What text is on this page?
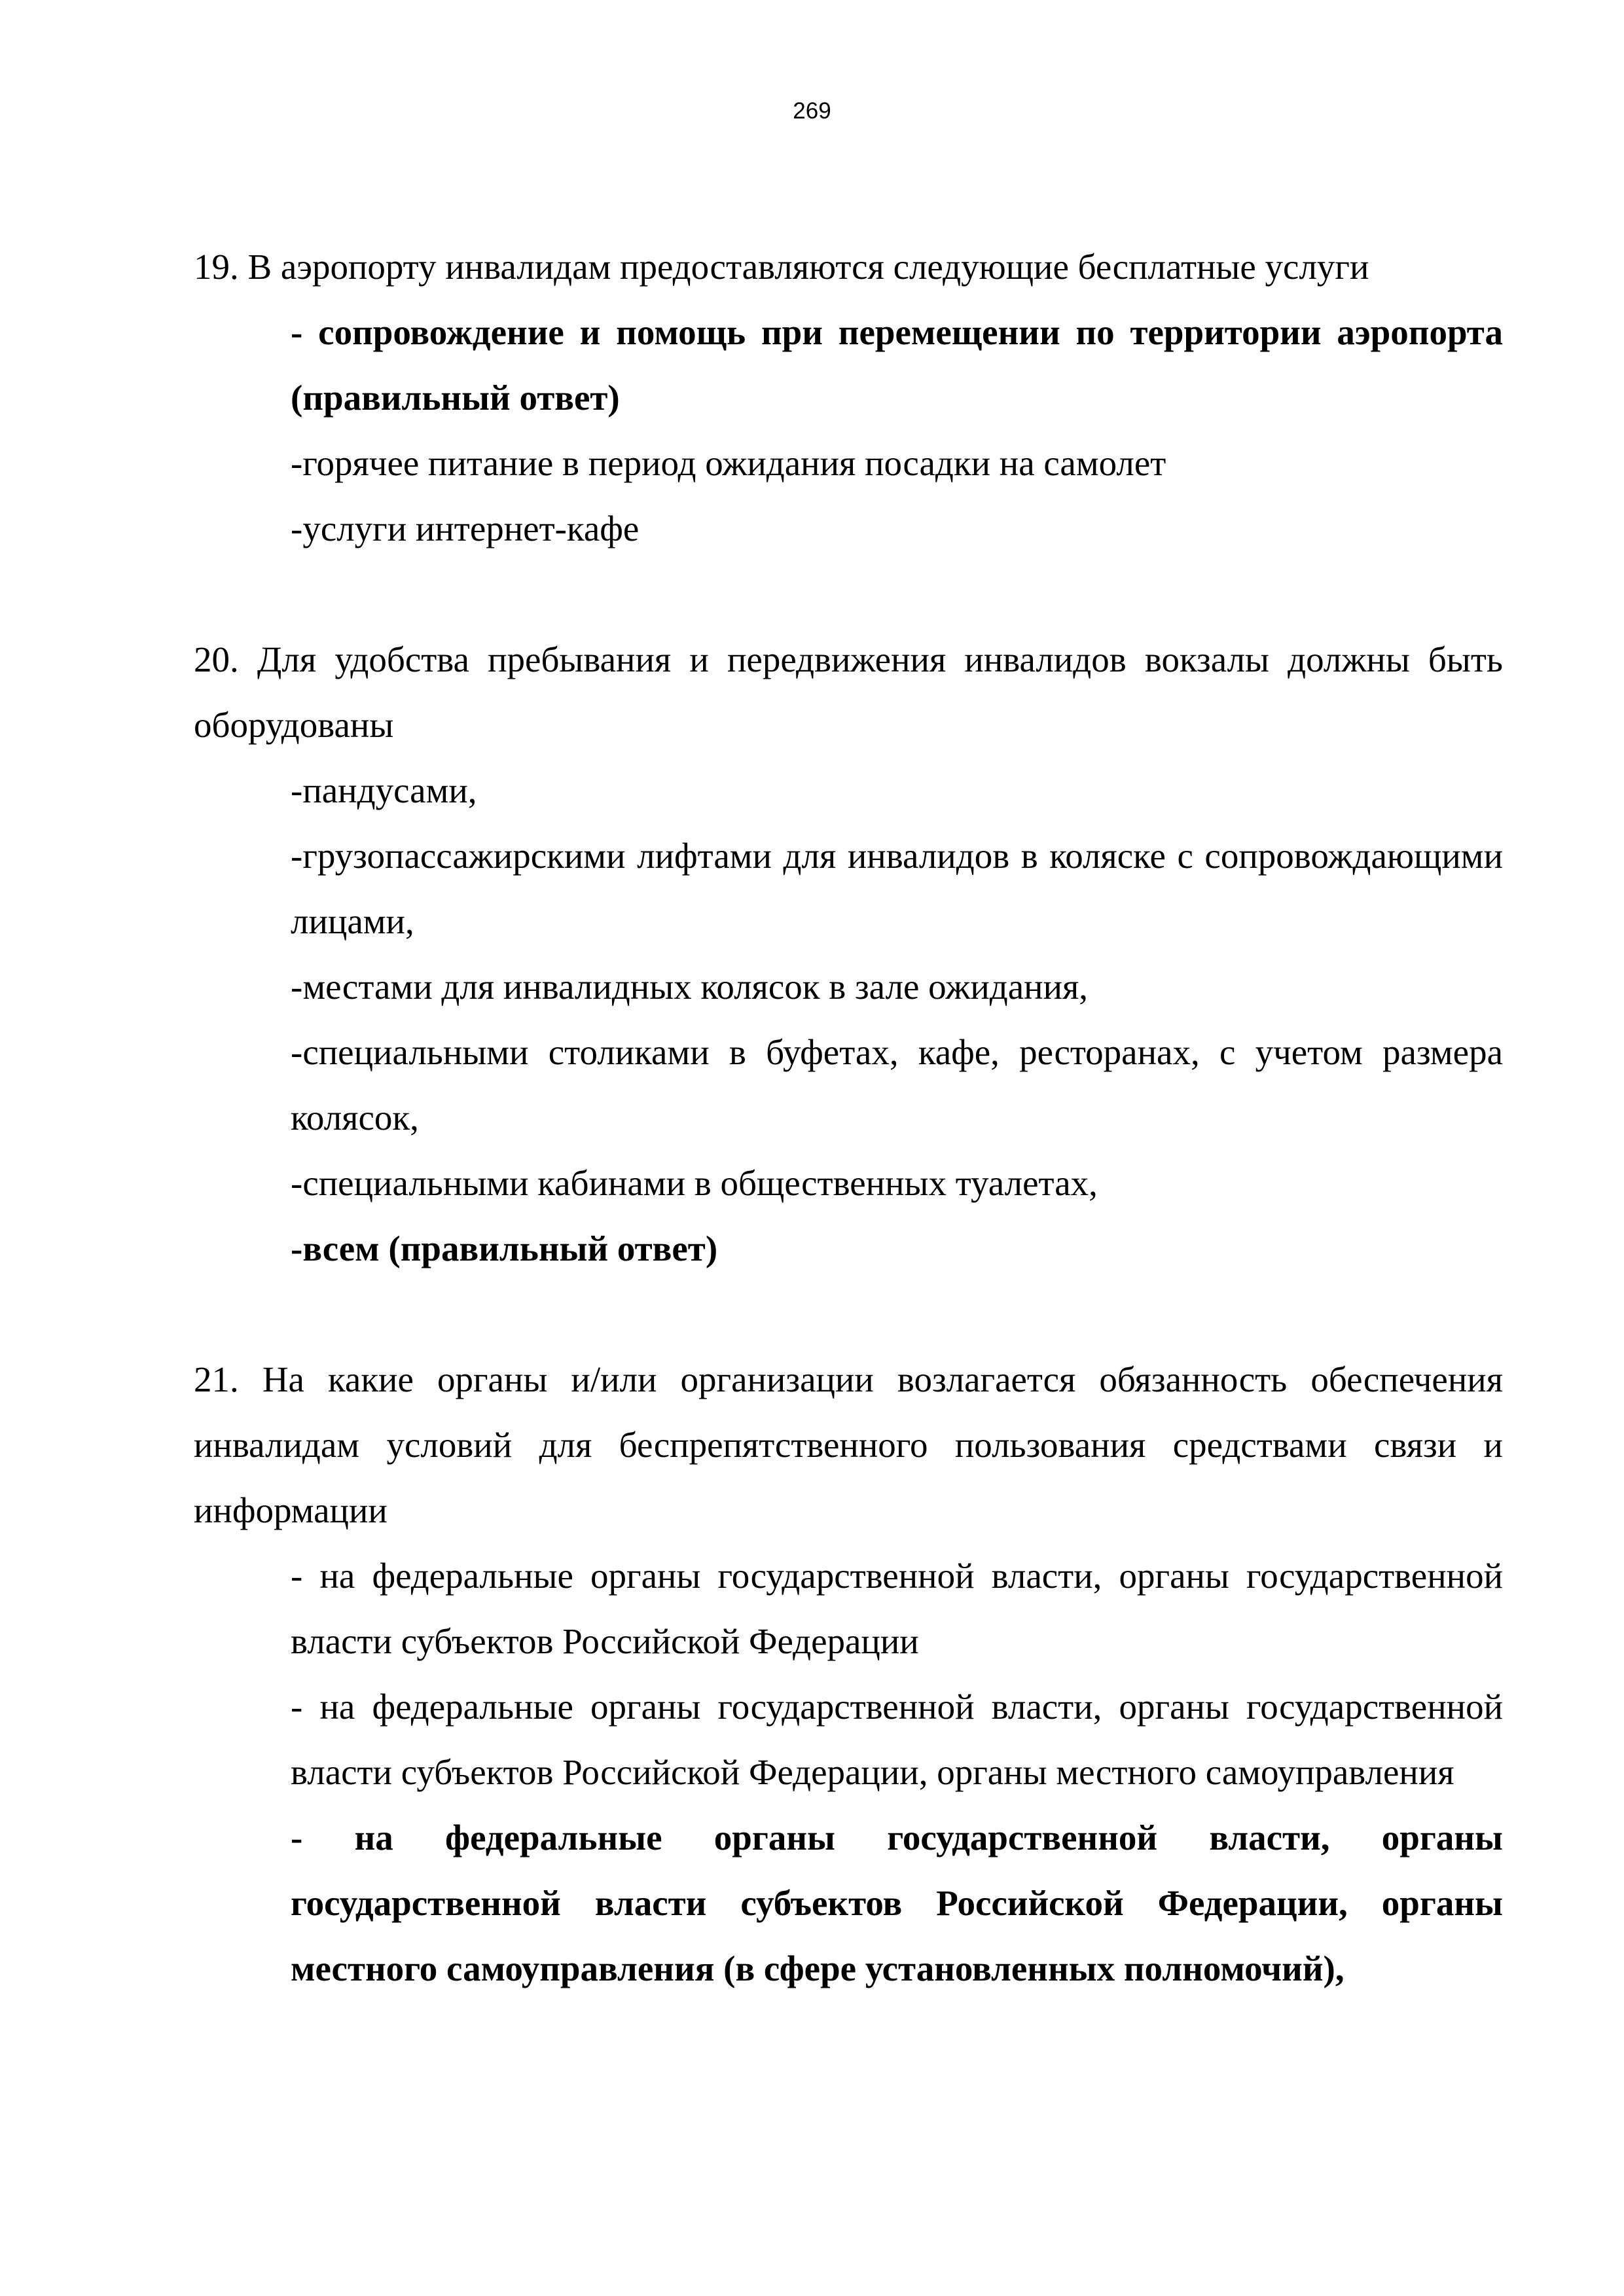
269
19. В аэропорту инвалидам предоставляются следующие бесплатные услуги
- сопровождение и помощь при перемещении по территории аэропорта (правильный ответ)
-горячее питание в период ожидания посадки на самолет
-услуги интернет-кафе
20. Для удобства пребывания и передвижения инвалидов вокзалы должны быть оборудованы
-пандусами,
-грузопассажирскими лифтами для инвалидов в коляске с сопровождающими лицами,
-местами для инвалидных колясок в зале ожидания,
-специальными столиками в буфетах, кафе, ресторанах, с учетом размера колясок,
-специальными кабинами в общественных туалетах,
-всем (правильный ответ)
21. На какие органы и/или организации возлагается обязанность обеспечения инвалидам условий для беспрепятственного пользования средствами связи и информации
- на федеральные органы государственной власти, органы государственной власти субъектов Российской Федерации
- на федеральные органы государственной власти, органы государственной власти субъектов Российской Федерации, органы местного самоуправления
- на федеральные органы государственной власти, органы государственной власти субъектов Российской Федерации, органы местного самоуправления (в сфере установленных полномочий),
